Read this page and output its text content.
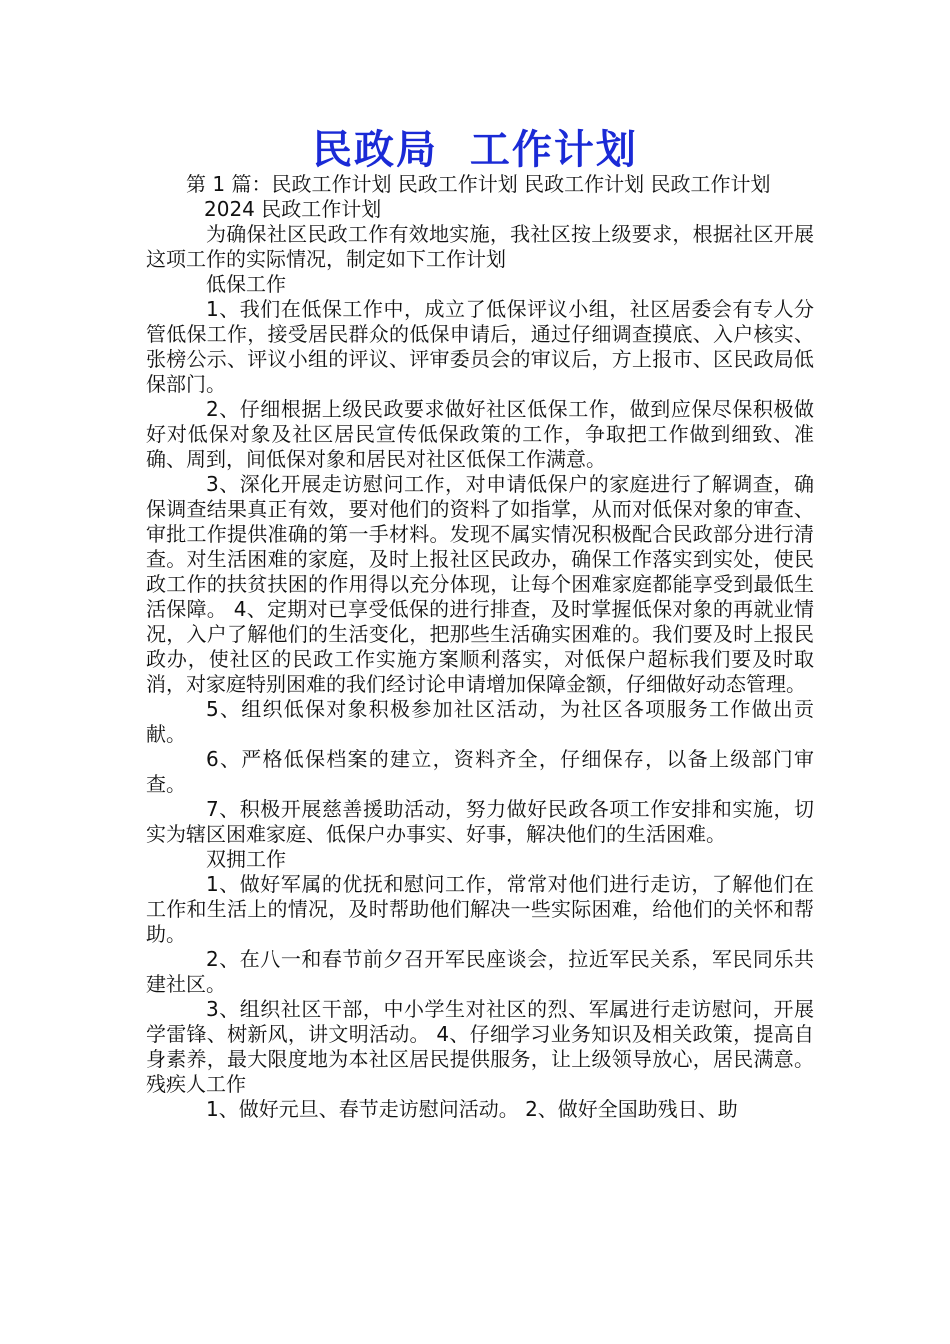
民政局  工作计划

第 1 篇：民政工作计划 民政工作计划 民政工作计划 民政工作计划

2024 民政工作计划

为确保社区民政工作有效地实施，我社区按上级要求，根据社区开展这项工作的实际情况，制定如下工作计划

低保工作

1、我们在低保工作中，成立了低保评议小组，社区居委会有专人分管低保工作，接受居民群众的低保申请后，通过仔细调查摸底、入户核实、张榜公示、评议小组的评议、评审委员会的审议后，方上报市、区民政局低保部门。

2、仔细根据上级民政要求做好社区低保工作，做到应保尽保积极做好对低保对象及社区居民宣传低保政策的工作，争取把工作做到细致、准确、周到，间低保对象和居民对社区低保工作满意。

3、深化开展走访慰问工作，对申请低保户的家庭进行了解调查，确保调查结果真正有效，要对他们的资料了如指掌，从而对低保对象的审查、审批工作提供准确的第一手材料。发现不属实情况积极配合民政部分进行清查。对生活困难的家庭，及时上报社区民政办，确保工作落实到实处，使民政工作的扶贫扶困的作用得以充分体现，让每个困难家庭都能享受到最低生活保障。 4、定期对已享受低保的进行排查，及时掌握低保对象的再就业情况，入户了解他们的生活变化，把那些生活确实困难的。我们要及时上报民政办，使社区的民政工作实施方案顺利落实，对低保户超标我们要及时取消，对家庭特别困难的我们经讨论申请增加保障金额，仔细做好动态管理。

5、组织低保对象积极参加社区活动，为社区各项服务工作做出贡献。

6、严格低保档案的建立，资料齐全，仔细保存，以备上级部门审查。

7、积极开展慈善援助活动，努力做好民政各项工作安排和实施，切实为辖区困难家庭、低保户办事实、好事，解决他们的生活困难。

双拥工作

1、做好军属的优抚和慰问工作，常常对他们进行走访，了解他们在工作和生活上的情况，及时帮助他们解决一些实际困难，给他们的关怀和帮助。

2、在八一和春节前夕召开军民座谈会，拉近军民关系，军民同乐共建社区。

3、组织社区干部，中小学生对社区的烈、军属进行走访慰问，开展学雷锋、树新风，讲文明活动。 4、仔细学习业务知识及相关政策，提高自身素养，最大限度地为本社区居民提供服务，让上级领导放心，居民满意。 残疾人工作

1、做好元旦、春节走访慰问活动。 2、做好全国助残日、助
